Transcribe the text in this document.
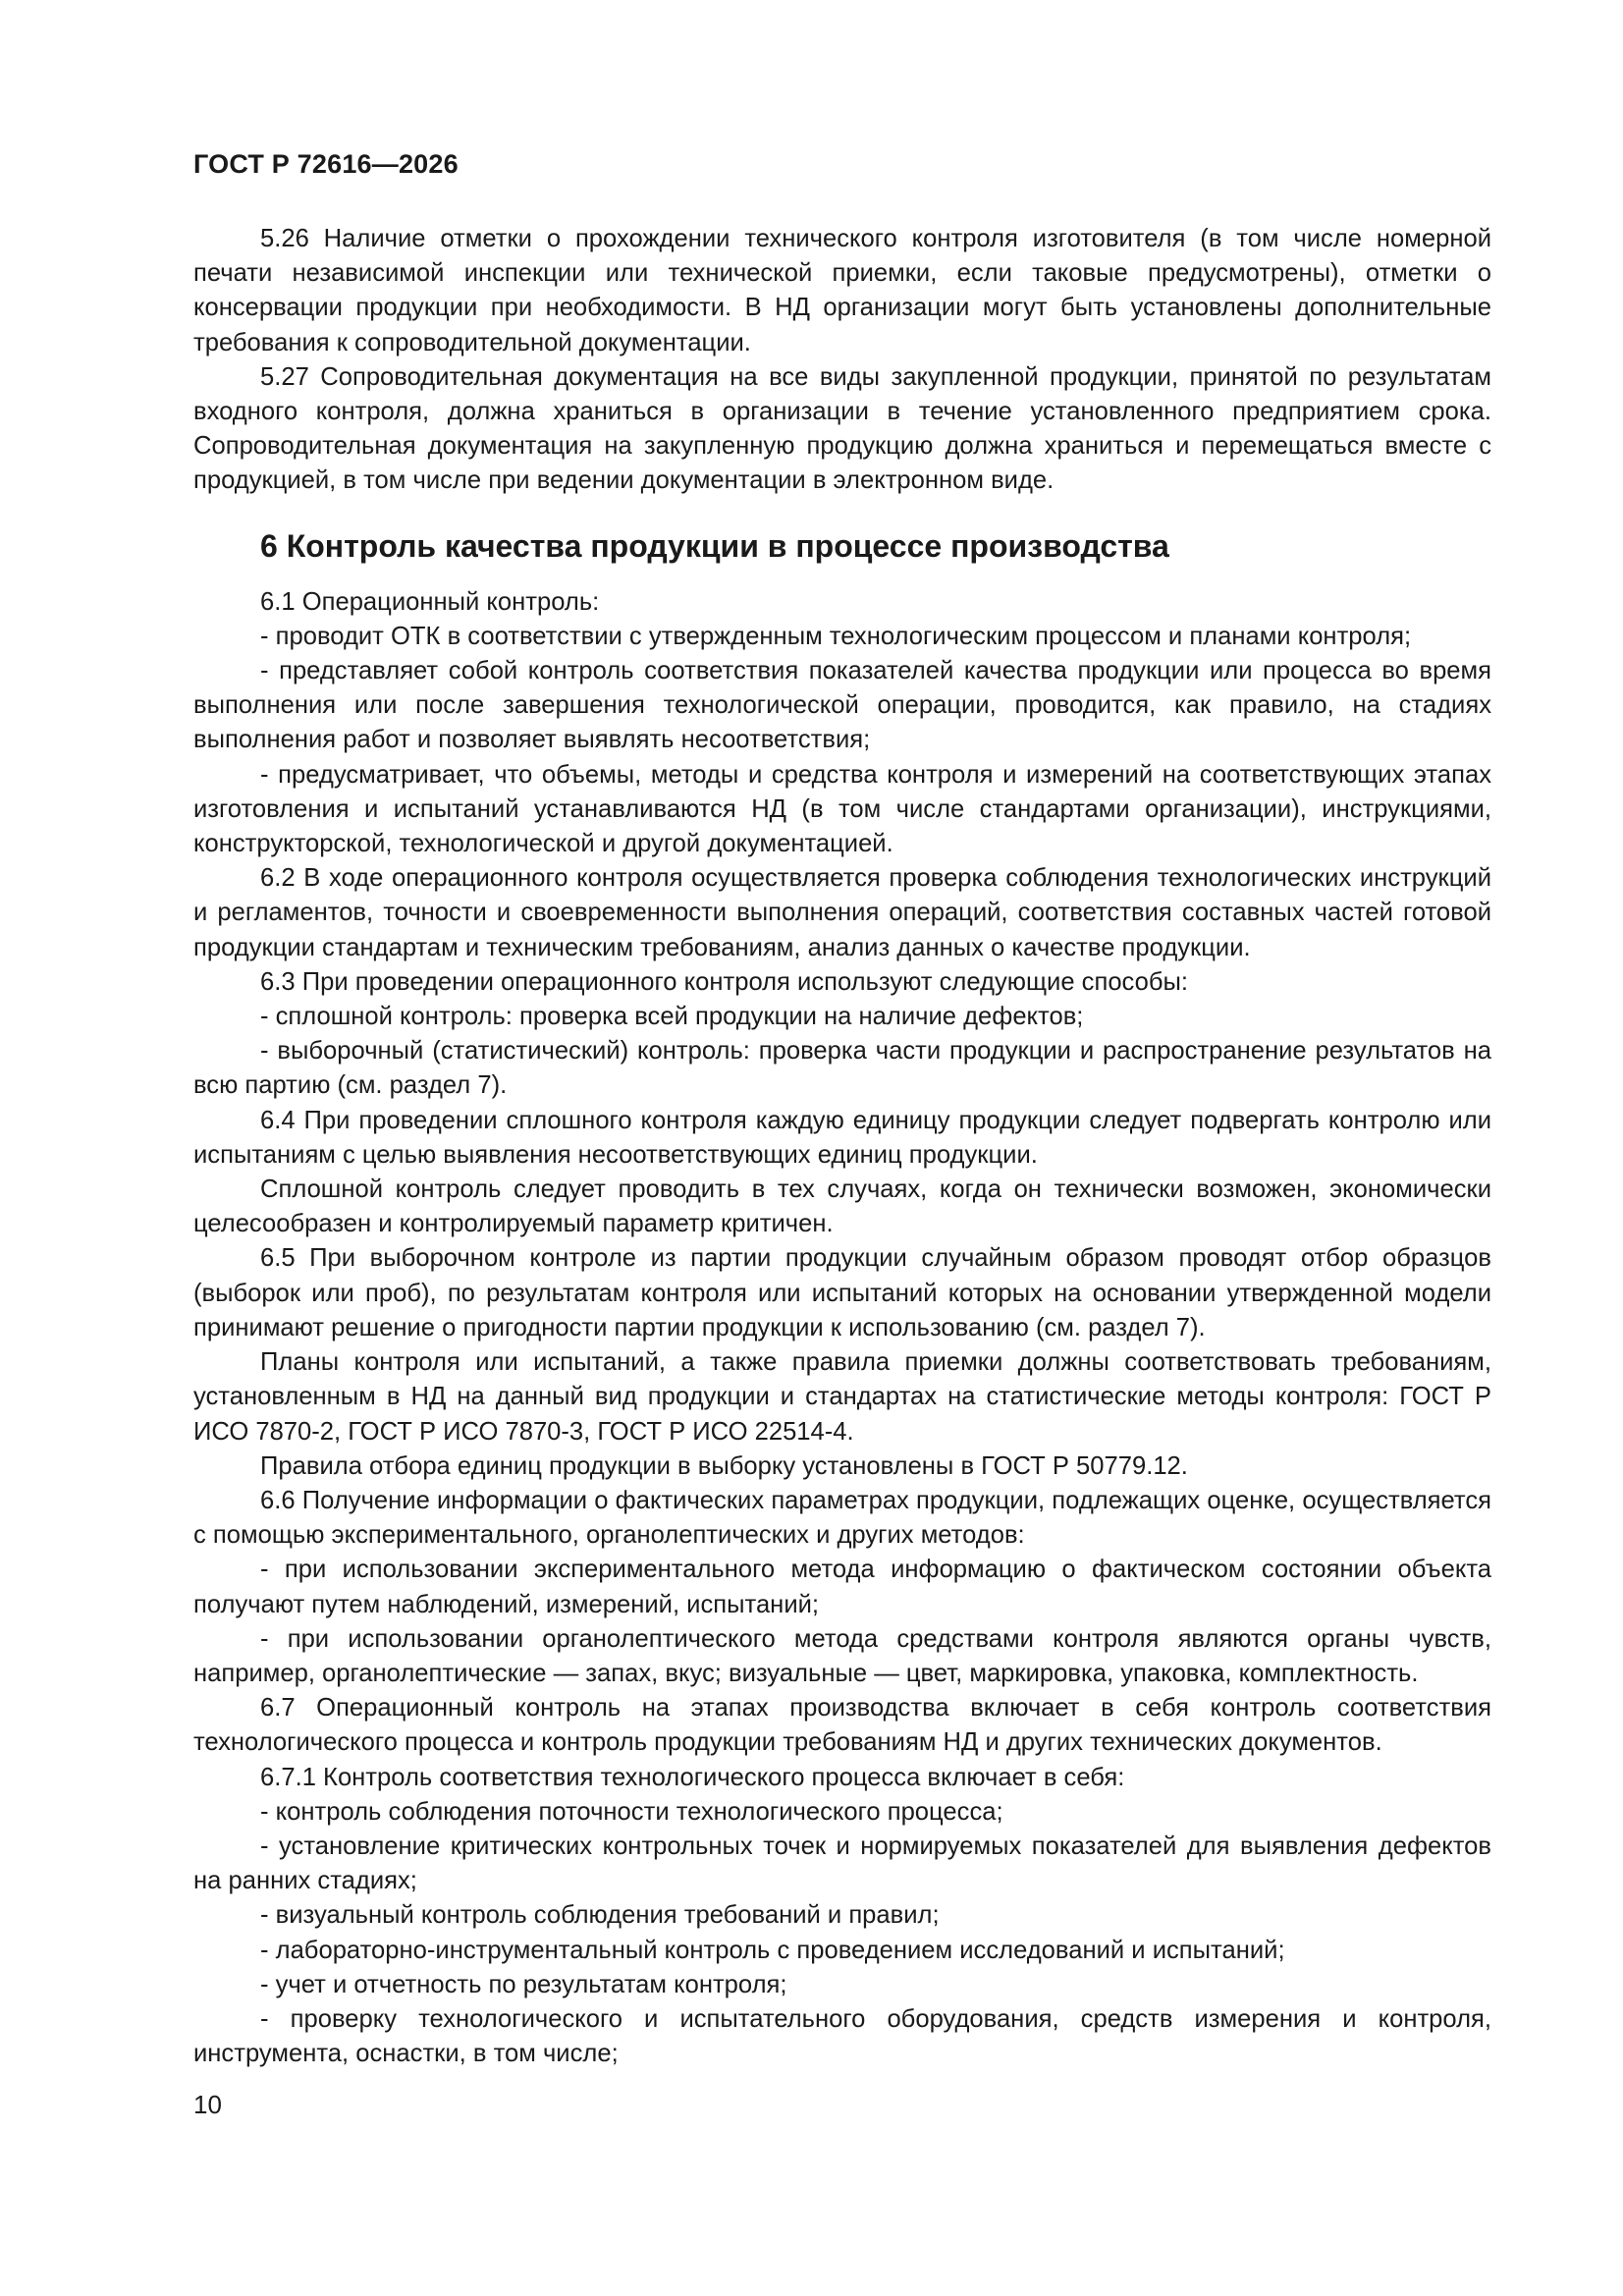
ГОСТ Р 72616—2026

5.26 Наличие отметки о прохождении технического контроля изготовителя (в том числе номерной печати независимой инспекции или технической приемки, если таковые предусмотрены), отметки о консервации продукции при необходимости. В НД организации могут быть установлены дополнительные требования к сопроводительной документации.

5.27 Сопроводительная документация на все виды закупленной продукции, принятой по результатам входного контроля, должна храниться в организации в течение установленного предприятием срока. Сопроводительная документация на закупленную продукцию должна храниться и перемещаться вместе с продукцией, в том числе при ведении документации в электронном виде.

6 Контроль качества продукции в процессе производства

6.1 Операционный контроль:

- проводит ОТК в соответствии с утвержденным технологическим процессом и планами контроля;

- представляет собой контроль соответствия показателей качества продукции или процесса во время выполнения или после завершения технологической операции, проводится, как правило, на стадиях выполнения работ и позволяет выявлять несоответствия;

- предусматривает, что объемы, методы и средства контроля и измерений на соответствующих этапах изготовления и испытаний устанавливаются НД (в том числе стандартами организации), инструкциями, конструкторской, технологической и другой документацией.

6.2 В ходе операционного контроля осуществляется проверка соблюдения технологических инструкций и регламентов, точности и своевременности выполнения операций, соответствия составных частей готовой продукции стандартам и техническим требованиям, анализ данных о качестве продукции.

6.3 При проведении операционного контроля используют следующие способы:

- сплошной контроль: проверка всей продукции на наличие дефектов;

- выборочный (статистический) контроль: проверка части продукции и распространение результатов на всю партию (см. раздел 7).

6.4 При проведении сплошного контроля каждую единицу продукции следует подвергать контролю или испытаниям с целью выявления несоответствующих единиц продукции.

Сплошной контроль следует проводить в тех случаях, когда он технически возможен, экономически целесообразен и контролируемый параметр критичен.

6.5 При выборочном контроле из партии продукции случайным образом проводят отбор образцов (выборок или проб), по результатам контроля или испытаний которых на основании утвержденной модели принимают решение о пригодности партии продукции к использованию (см. раздел 7).

Планы контроля или испытаний, а также правила приемки должны соответствовать требованиям, установленным в НД на данный вид продукции и стандартах на статистические методы контроля: ГОСТ Р ИСО 7870-2, ГОСТ Р ИСО 7870-3, ГОСТ Р ИСО 22514-4.

Правила отбора единиц продукции в выборку установлены в ГОСТ Р 50779.12.

6.6 Получение информации о фактических параметрах продукции, подлежащих оценке, осуществляется с помощью экспериментального, органолептических и других методов:

- при использовании экспериментального метода информацию о фактическом состоянии объекта получают путем наблюдений, измерений, испытаний;

- при использовании органолептического метода средствами контроля являются органы чувств, например, органолептические — запах, вкус; визуальные — цвет, маркировка, упаковка, комплектность.

6.7 Операционный контроль на этапах производства включает в себя контроль соответствия технологического процесса и контроль продукции требованиям НД и других технических документов.

6.7.1 Контроль соответствия технологического процесса включает в себя:

- контроль соблюдения поточности технологического процесса;

- установление критических контрольных точек и нормируемых показателей для выявления дефектов на ранних стадиях;

- визуальный контроль соблюдения требований и правил;

- лабораторно-инструментальный контроль с проведением исследований и испытаний;

- учет и отчетность по результатам контроля;

- проверку технологического и испытательного оборудования, средств измерения и контроля, инструмента, оснастки, в том числе;

10
